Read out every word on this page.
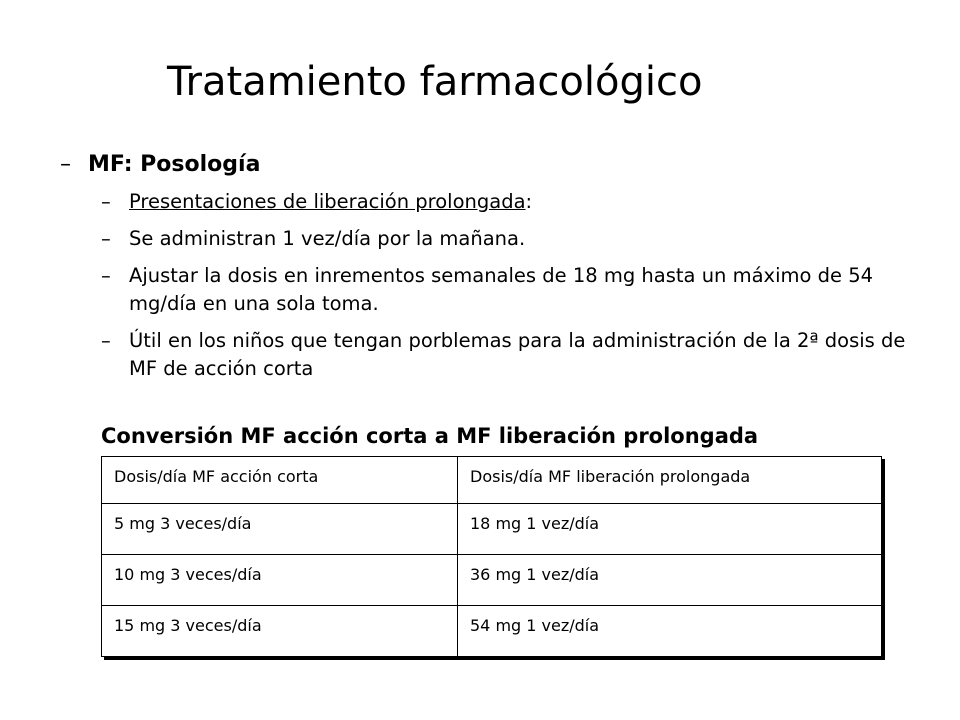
Tratamiento farmacológico
– MF: Posología
– Presentaciones de liberación prolongada:
– Se administran 1 vez/día por la mañana.
– Ajustar la dosis en inrementos semanales de 18 mg hasta un máximo de 54 mg/día en una sola toma.
– Útil en los niños que tengan porblemas para la administración de la 2ª dosis de MF de acción corta
Conversión MF acción corta a MF liberación prolongada
Dosis/día MF acción corta	Dosis/día MF liberación prolongada
5 mg 3 veces/día	18 mg 1 vez/día
10 mg 3 veces/día	36 mg 1 vez/día
15 mg 3 veces/día	54 mg 1 vez/día
